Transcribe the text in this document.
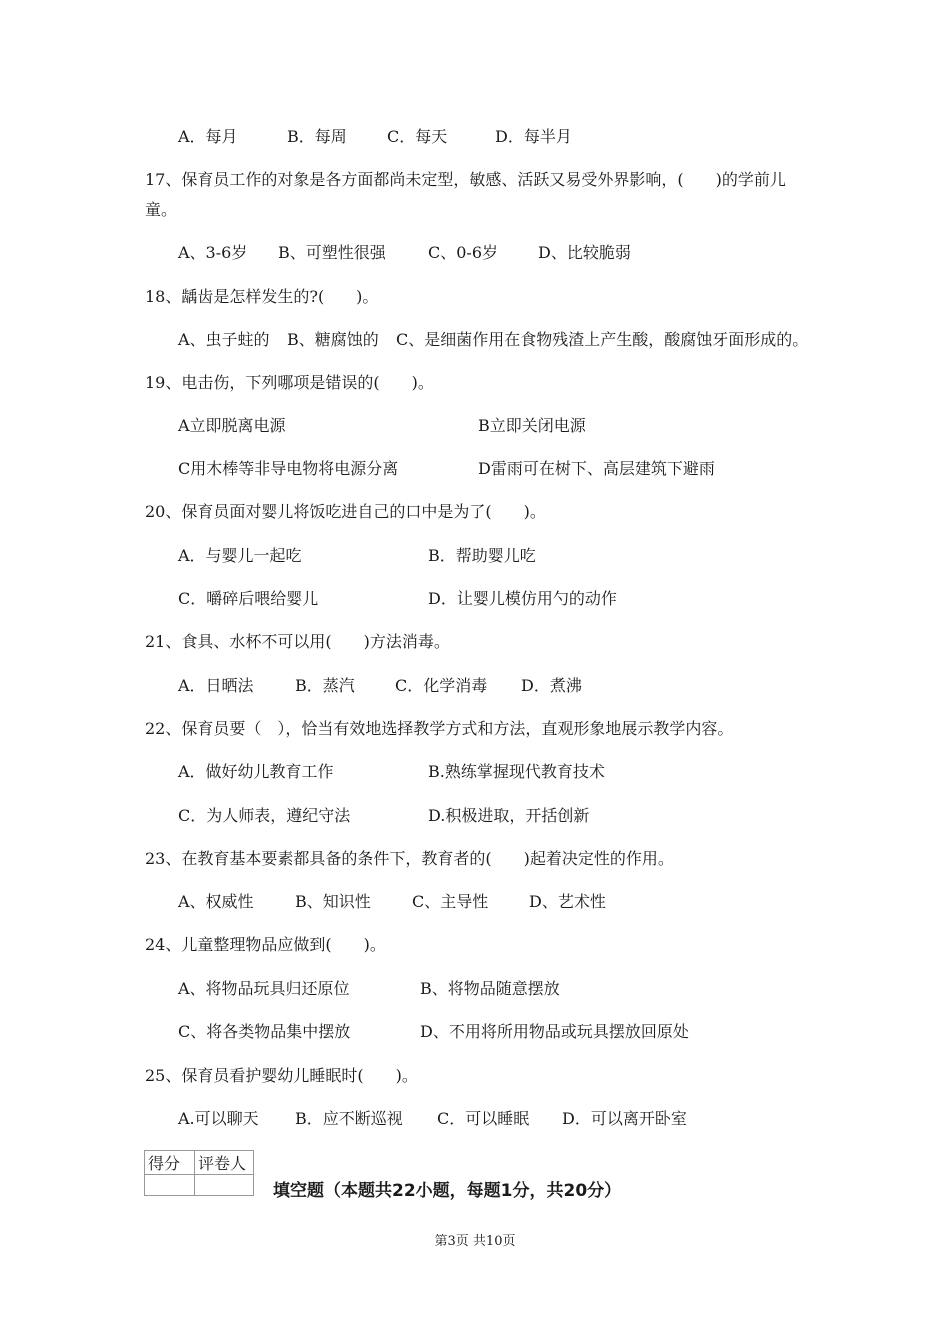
A．每月	B．每周	C．每天	D．每半月
17、保育员工作的对象是各方面都尚未定型，敏感、活跃又易受外界影响，(　　)的学前儿
童。
A、3-6岁 B、可塑性很强	C、0-6岁 D、比较脆弱
18、龋齿是怎样发生的?(　　)。
A、虫子蛀的 B、糖腐蚀的 C、是细菌作用在食物残渣上产生酸，酸腐蚀牙面形成的。
19、电击伤，下列哪项是错误的(　　)。
A立即脱离电源	B立即关闭电源
C用木棒等非导电物将电源分离	D雷雨可在树下、高层建筑下避雨
20、保育员面对婴儿将饭吃进自己的口中是为了(　　)。
A．与婴儿一起吃	B．帮助婴儿吃
C．嚼碎后喂给婴儿	D．让婴儿模仿用勺的动作
21、食具、水杯不可以用(　　)方法消毒。
A．日晒法	B．蒸汽	C．化学消毒 D．煮沸
22、保育员要（　），恰当有效地选择教学方式和方法，直观形象地展示教学内容。
A．做好幼儿教育工作	B.熟练掌握现代教育技术
C．为人师表，遵纪守法	D.积极进取，开括创新
23、在教育基本要素都具备的条件下，教育者的(　　)起着决定性的作用。
A、权威性	B、知识性	C、主导性	D、艺术性
24、儿童整理物品应做到(　　)。
A、将物品玩具归还原位	B、将物品随意摆放
C、将各类物品集中摆放	D、不用将所用物品或玩具摆放回原处
25、保育员看护婴幼儿睡眠时(　　)。
A.可以聊天 B．应不断巡视 C．可以睡眠 D．可以离开卧室
得分	评卷人

填空题（本题共22小题，每题1分，共20分）
第3页 共10页
